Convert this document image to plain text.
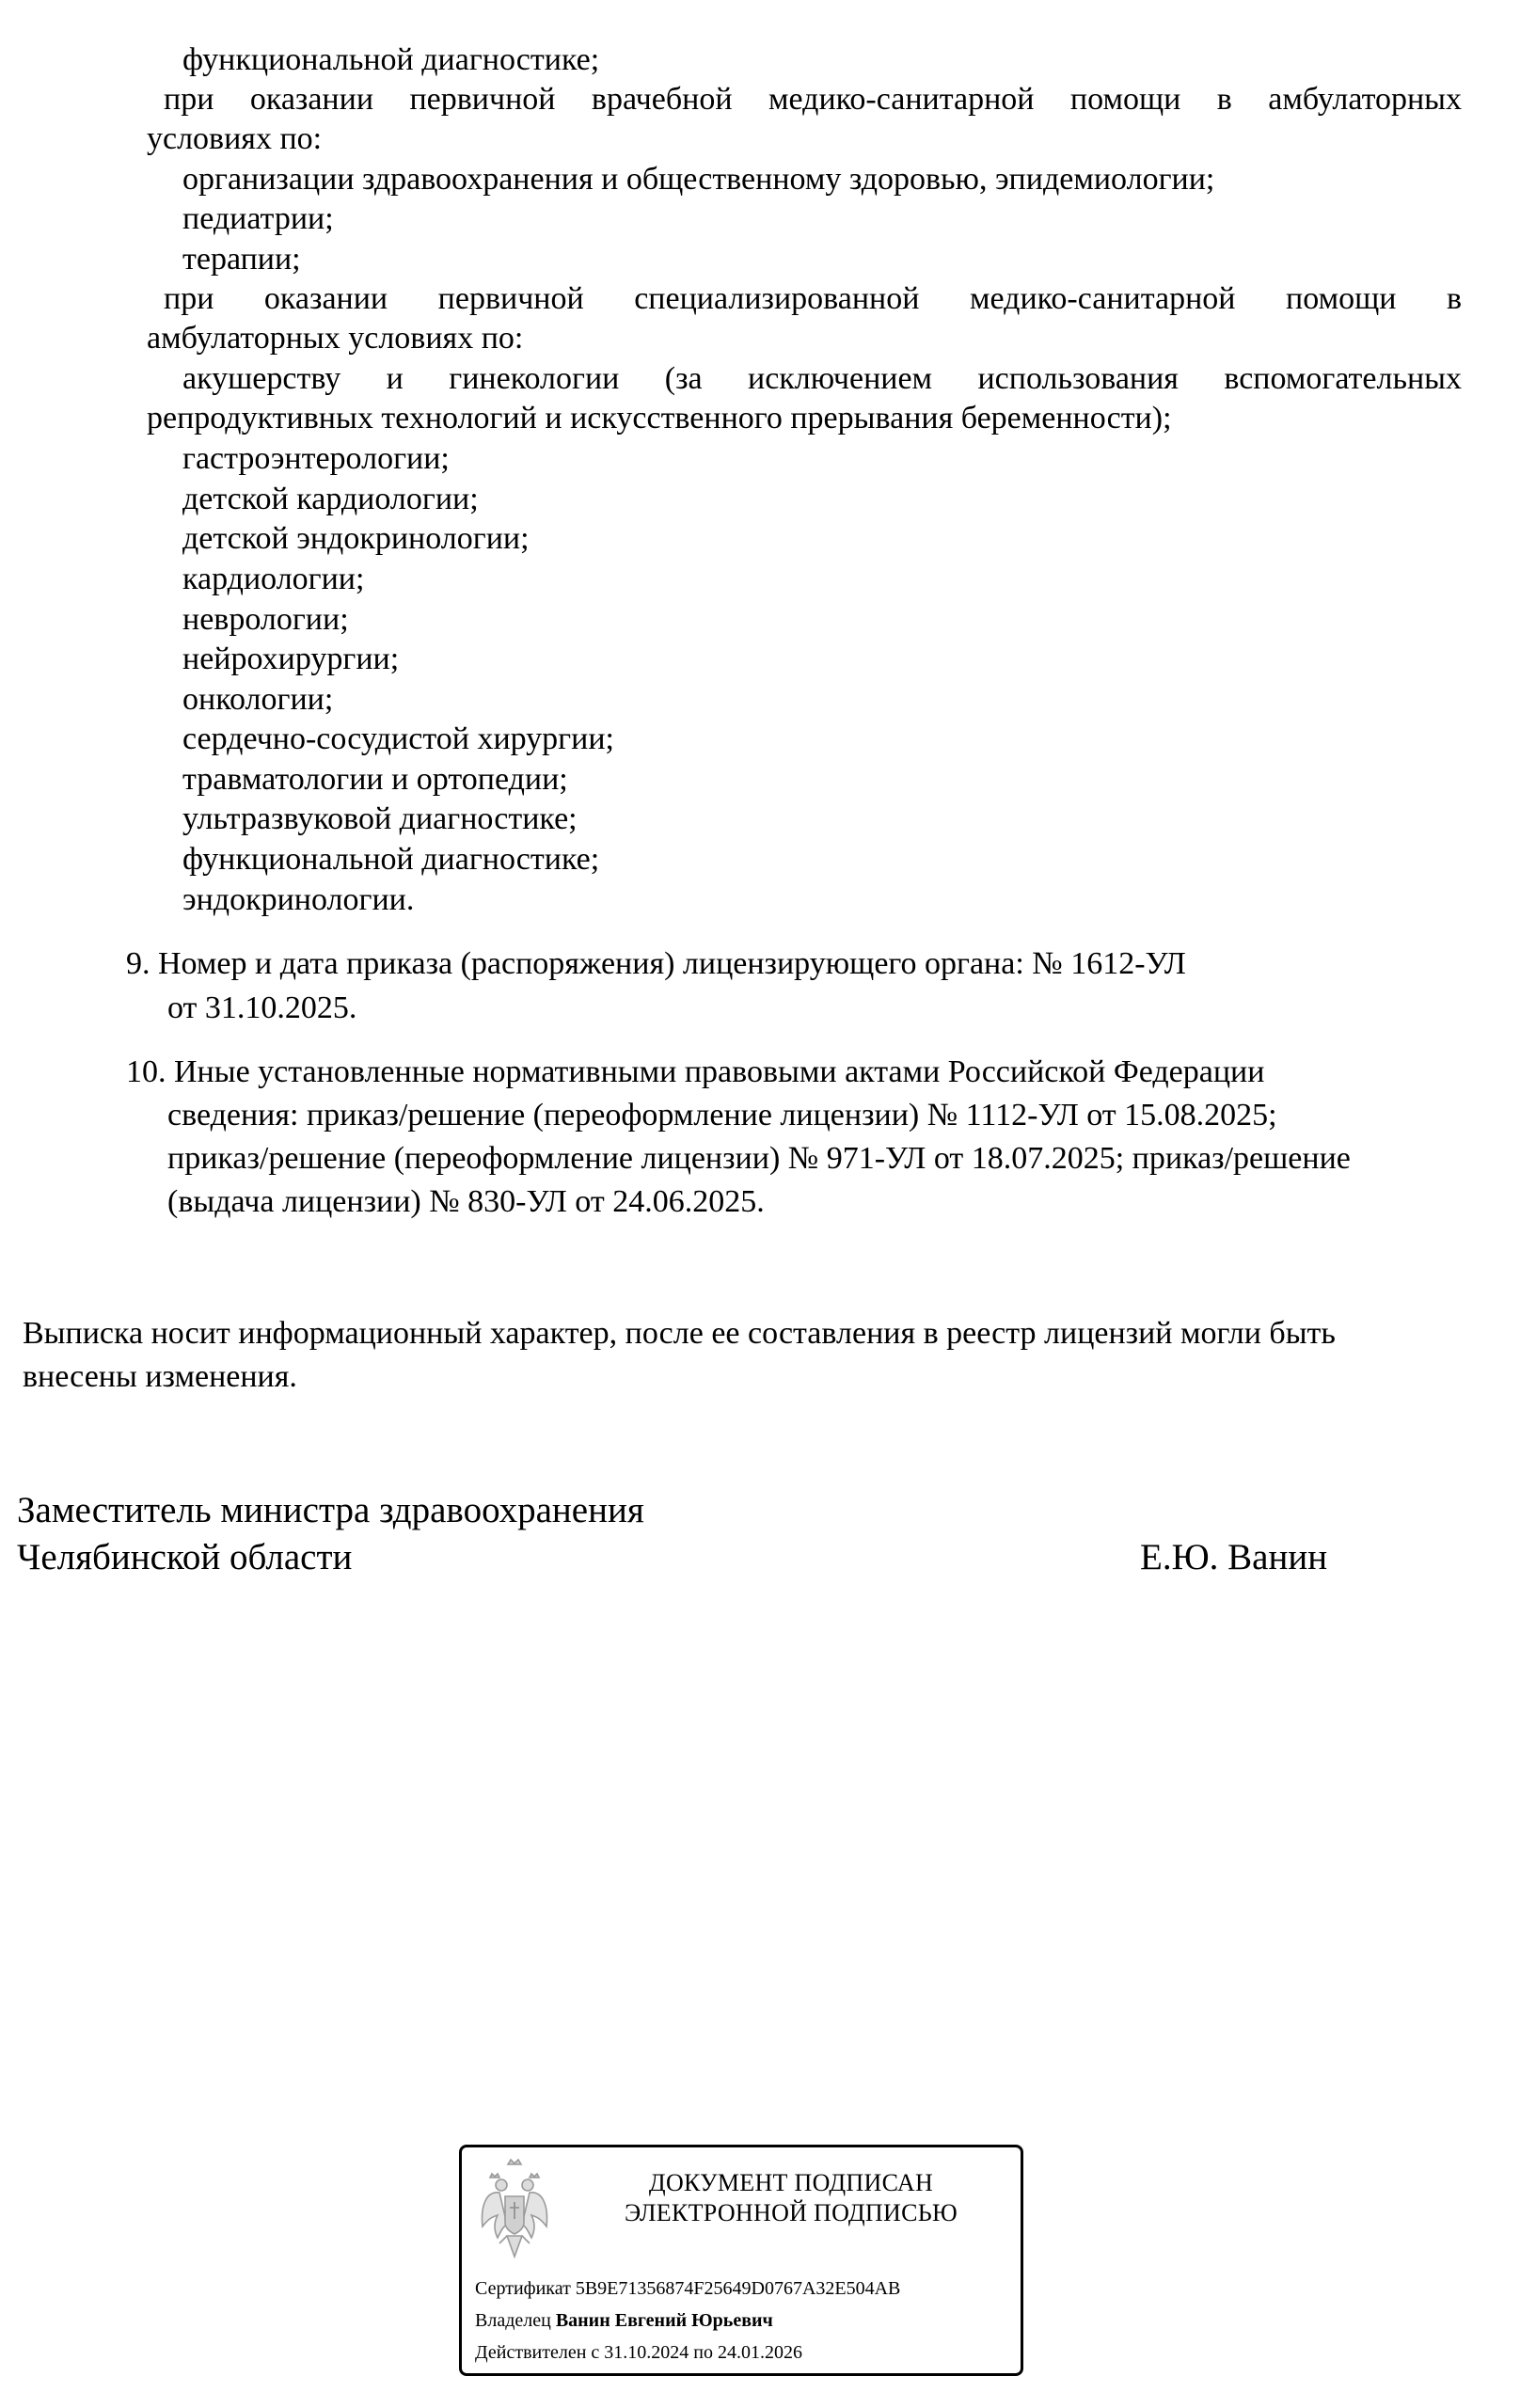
функциональной диагностике;
при оказании первичной врачебной медико-санитарной помощи в амбулаторных
условиях по:
организации здравоохранения и общественному здоровью, эпидемиологии;
педиатрии;
терапии;
при оказании первичной специализированной медико-санитарной помощи в
амбулаторных условиях по:
акушерству и гинекологии (за исключением использования вспомогательных
репродуктивных технологий и искусственного прерывания беременности);
гастроэнтерологии;
детской кардиологии;
детской эндокринологии;
кардиологии;
неврологии;
нейрохирургии;
онкологии;
сердечно-сосудистой хирургии;
травматологии и ортопедии;
ультразвуковой диагностике;
функциональной диагностике;
эндокринологии.
9. Номер и дата приказа (распоряжения) лицензирующего органа: № 1612-УЛ
от 31.10.2025.
10. Иные установленные нормативными правовыми актами Российской Федерации
сведения: приказ/решение (переоформление лицензии) № 1112-УЛ от 15.08.2025;
приказ/решение (переоформление лицензии) № 971-УЛ от 18.07.2025; приказ/решение
(выдача лицензии) № 830-УЛ от 24.06.2025.
Выписка носит информационный характер, после ее составления в реестр лицензий могли быть
внесены изменения.
Заместитель министра здравоохранения
Челябинской области	Е.Ю. Ванин
ДОКУМЕНТ ПОДПИСАН
ЭЛЕКТРОННОЙ ПОДПИСЬЮ
Сертификат 5B9E71356874F25649D0767A32E504AB
Владелец Ванин Евгений Юрьевич
Действителен с 31.10.2024 по 24.01.2026
